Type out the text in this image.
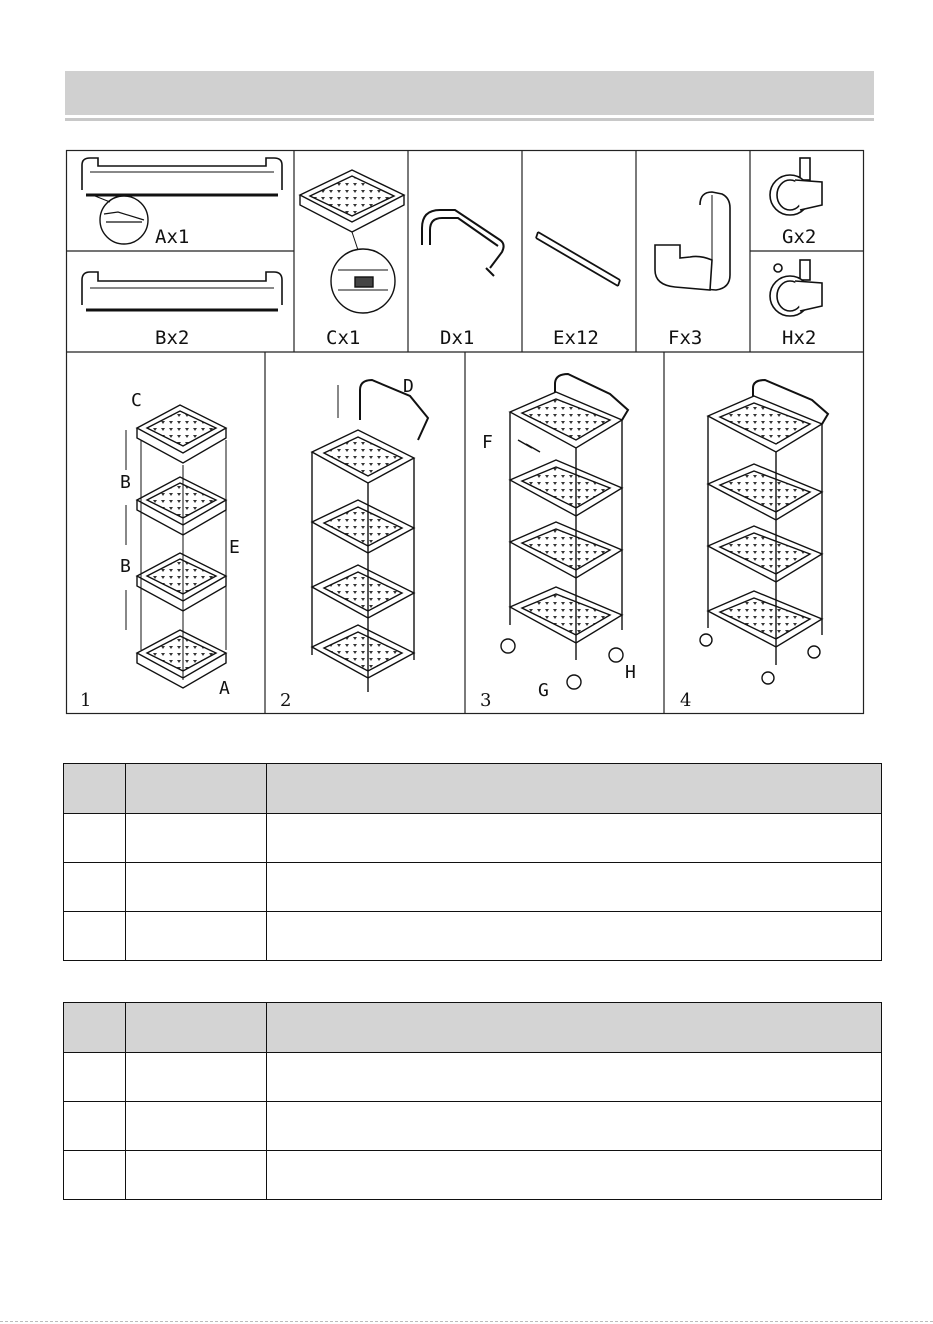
Ax1
Bx2	Cx1	Dx1	Ex12	Fx3
Gx2
Hx2
C
B
B
E
A
1
D
2
F
G
H
3	4
